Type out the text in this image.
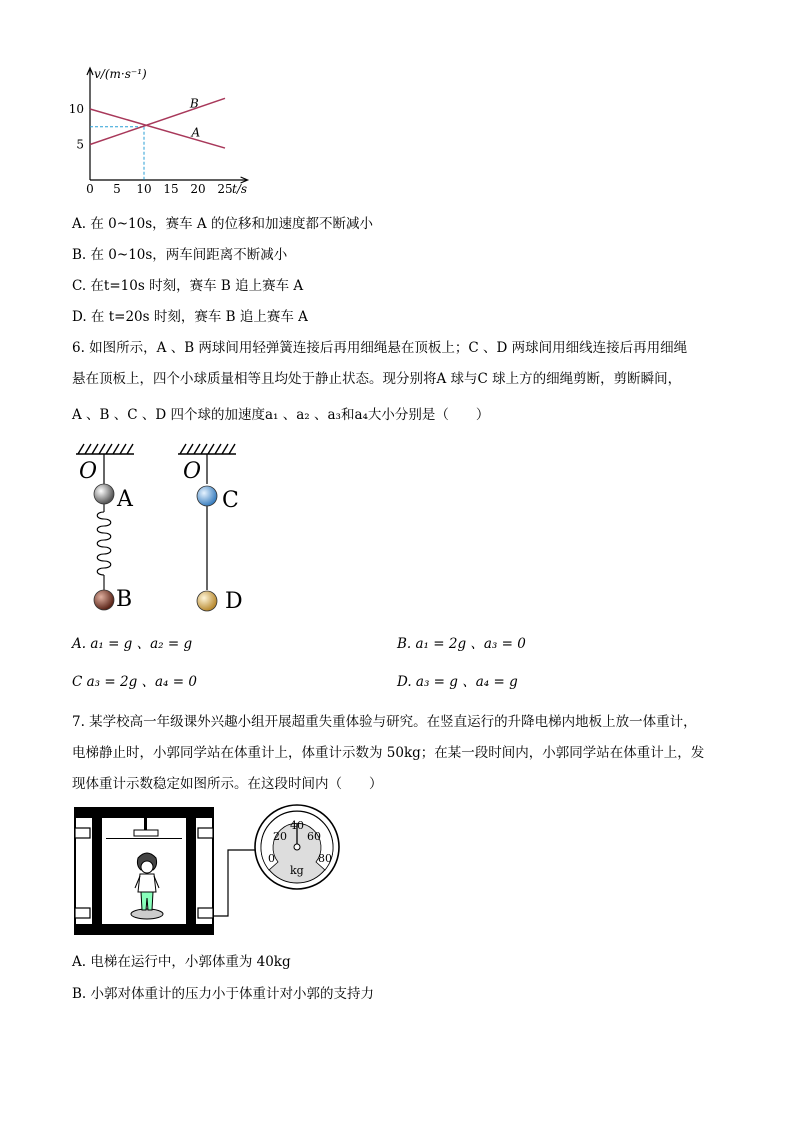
v/(m·s⁻¹)
t/s
0 5 10 15 20 25
10
5
B
A
A. 在 0~10s，赛车 A 的位移和加速度都不断减小
B. 在 0~10s，两车间距离不断减小
C. 在t=10s 时刻，赛车 B 追上赛车 A
D. 在 t=20s 时刻，赛车 B 追上赛车 A
6. 如图所示，A 、B 两球间用轻弹簧连接后再用细绳悬在顶板上；C 、D 两球间用细线连接后再用细绳
悬在顶板上，四个小球质量相等且均处于静止状态。现分别将A 球与C 球上方的细绳剪断，剪断瞬间，
A 、B 、C 、D 四个球的加速度a₁ 、a₂ 、a₃和a₄大小分别是（　　）
O	O
A
B
C
D
A. a₁ = g 、a₂ = g	B. a₁ = 2g 、a₃ = 0
C a₃ = 2g 、a₄ = 0	D. a₃ = g 、a₄ = g
7. 某学校高一年级课外兴趣小组开展超重失重体验与研究。在竖直运行的升降电梯内地板上放一体重计，
电梯静止时，小郭同学站在体重计上，体重计示数为 50kg；在某一段时间内，小郭同学站在体重计上，发
现体重计示数稳定如图所示。在这段时间内（　　）
0
20
40
60
80
kg
A. 电梯在运行中，小郭体重为 40kg
B. 小郭对体重计的压力小于体重计对小郭的支持力
